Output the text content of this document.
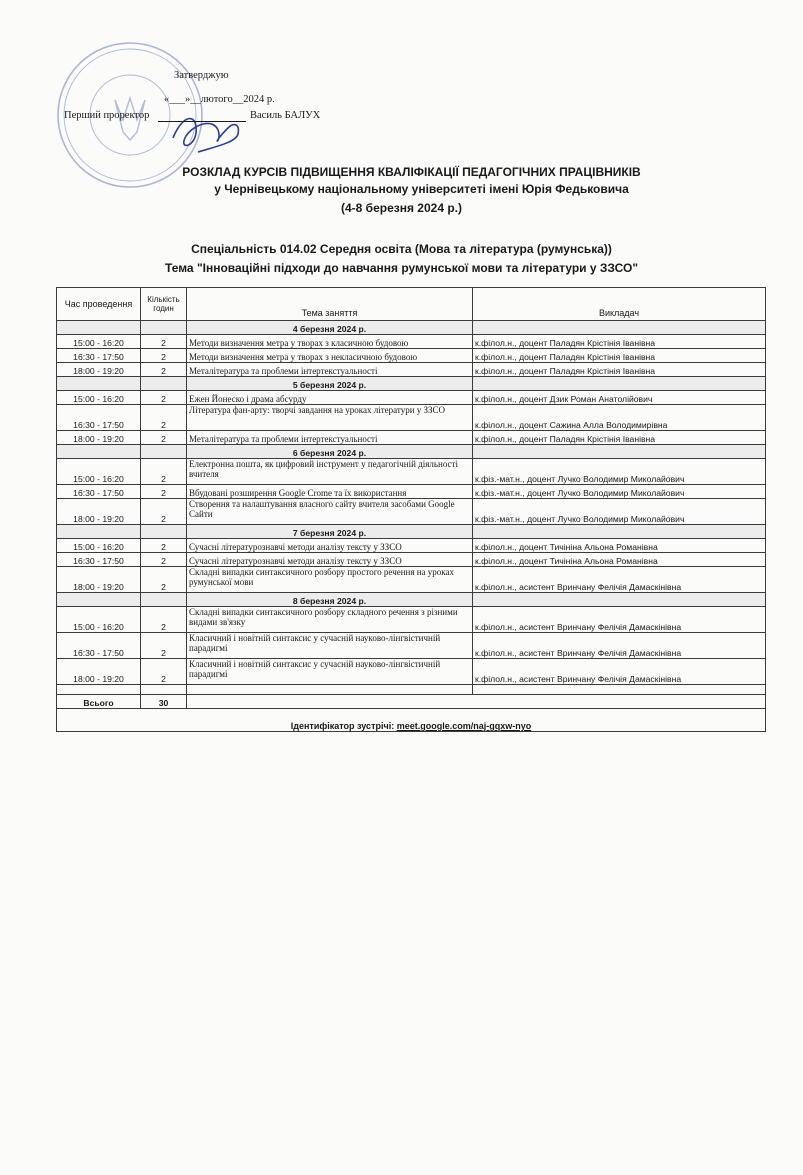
Затверджую
«___»__лютого__2024 р.
Перший проректор	Василь БАЛУХ
РОЗКЛАД КУРСІВ ПІДВИЩЕННЯ КВАЛІФІКАЦІЇ ПЕДАГОГІЧНИХ ПРАЦІВНИКІВ
у Чернівецькому національному університеті імені Юрія Федьковича
(4-8 березня 2024 р.)
Спеціальність 014.02 Середня освіта (Мова та література (румунська))
Тема "Інноваційні підходи до навчання румунської мови та літератури у ЗЗСО"
Час проведення	Кількість годин	Тема заняття	Викладач
		4 березня 2024 р.	
15:00 - 16:20	2	Методи визначення метра у творах з класичною будовою	к.філол.н., доцент Паладян Крістінія Іванівна
16:30 - 17:50	2	Методи визначення метра у творах з некласичною будовою	к.філол.н., доцент Паладян Крістінія Іванівна
18:00 - 19:20	2	Металітература та проблеми інтертекстуальності	к.філол.н., доцент Паладян Крістінія Іванівна
		5 березня 2024 р.	
15:00 - 16:20	2	Ежен Йонеско і драма абсурду	к.філол.н., доцент Дзик Роман Анатолійович
16:30 - 17:50	2	Література фан-арту: творчі завдання на уроках літератури у ЗЗСО	к.філол.н., доцент Сажина Алла Володимирівна
18:00 - 19:20	2	Металітература та проблеми інтертекстуальності	к.філол.н., доцент Паладян Крістінія Іванівна
		6 березня 2024 р.	
15:00 - 16:20	2	Електронна пошта, як цифровий інструмент у педагогічній діяльності вчителя	к.фіз.-мат.н., доцент Лучко Володимир Миколайович
16:30 - 17:50	2	Вбудовані розширення Google Crome та їх використання	к.фіз.-мат.н., доцент Лучко Володимир Миколайович
18:00 - 19:20	2	Створення та налаштування власного сайту вчителя засобами Google Сайти	к.фіз.-мат.н., доцент Лучко Володимир Миколайович
		7 березня 2024 р.	
15:00 - 16:20	2	Сучасні літературознавчі методи аналізу тексту у ЗЗСО	к.філол.н., доцент Тичініна Альона Романівна
16:30 - 17:50	2	Сучасні літературознавчі методи аналізу тексту у ЗЗСО	к.філол.н., доцент Тичініна Альона Романівна
18:00 - 19:20	2	Складні випадки синтаксичного розбору простого речення на уроках румунської мови	к.філол.н., асистент Вринчану Фелічія Дамаскінівна
		8 березня 2024 р.	
15:00 - 16:20	2	Складні випадки синтаксичного розбору складного речення з різними видами зв'язку	к.філол.н., асистент Вринчану Фелічія Дамаскінівна
16:30 - 17:50	2	Класичний і новітній синтаксис у сучасній науково-лінгвістичній парадигмі	к.філол.н., асистент Вринчану Фелічія Дамаскінівна
18:00 - 19:20	2	Класичний і новітній синтаксис у сучасній науково-лінгвістичній парадигмі	к.філол.н., асистент Вринчану Фелічія Дамаскінівна

Всього	30		
Ідентифікатор зустрічі: meet.google.com/naj-gqxw-nyo			
